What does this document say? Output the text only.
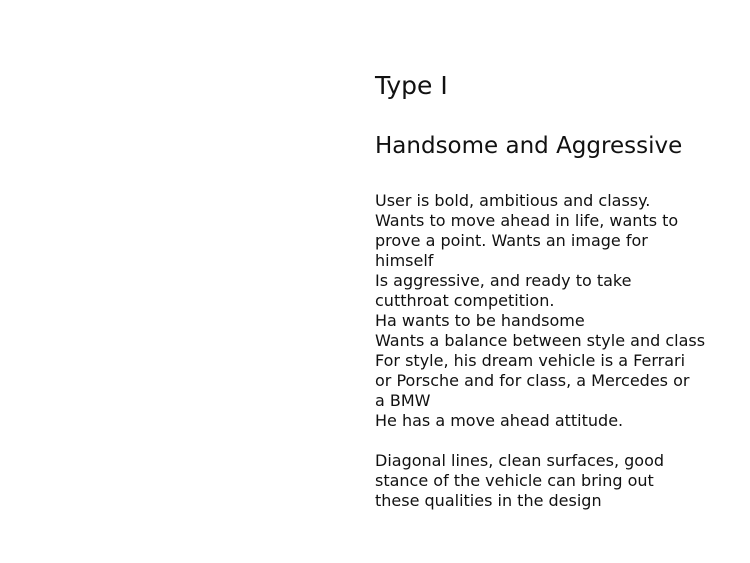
Type I
Handsome and Aggressive

User is bold, ambitious and classy.
Wants to move ahead in life, wants to
prove a point. Wants an image for
himself
Is aggressive, and ready to take
cutthroat competition.
Ha wants to be handsome
Wants a balance between style and class
For style, his dream vehicle is a Ferrari
or Porsche and for class, a Mercedes or
a BMW
He has a move ahead attitude.

Diagonal lines, clean surfaces, good
stance of the vehicle can bring out
these qualities in the design
